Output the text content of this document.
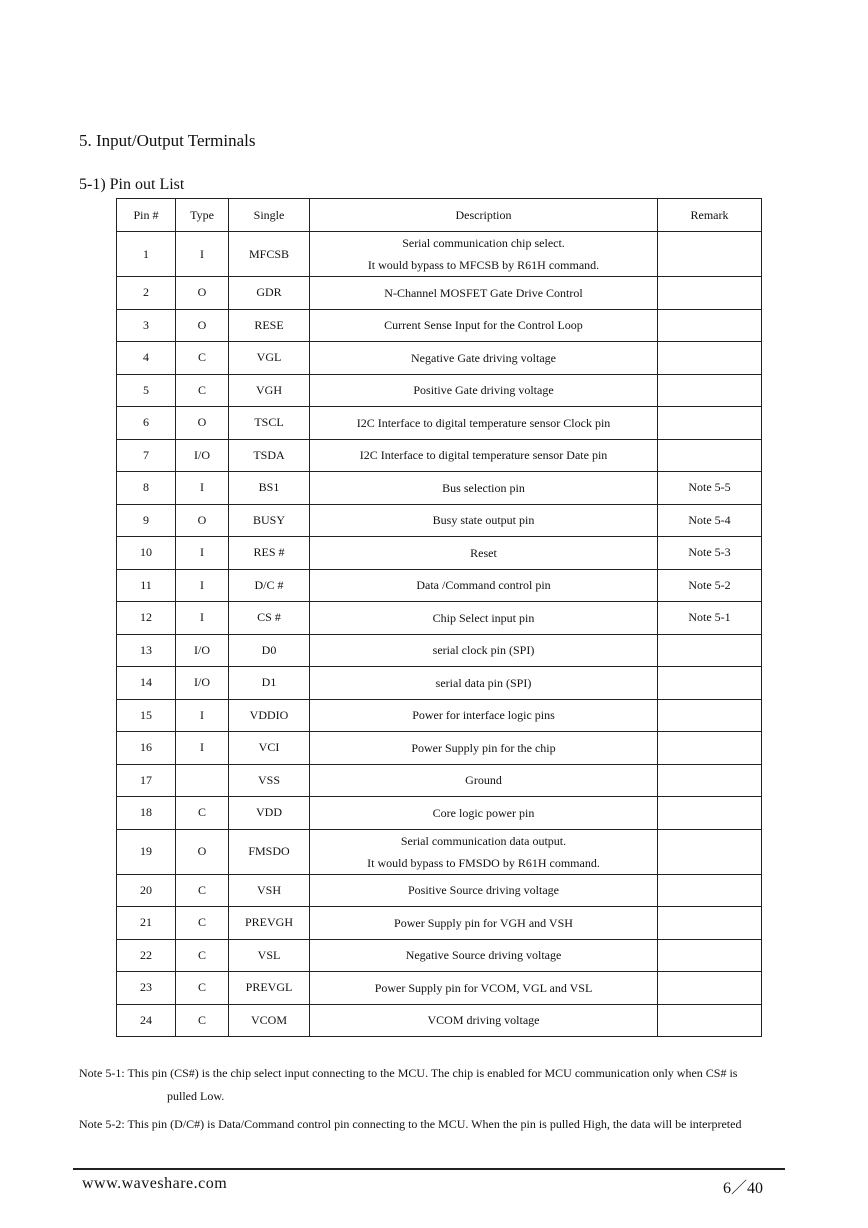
5. Input/Output Terminals
5-1) Pin out List
Pin #	Type	Single	Description	Remark
1	I	MFCSB	Serial communication chip select.
It would bypass to MFCSB by R61H command.	

2	O	GDR	N-Channel MOSFET Gate Drive Control	

3	O	RESE	Current Sense Input for the Control Loop	

4	C	VGL	Negative Gate driving voltage	

5	C	VGH	Positive Gate driving voltage	

6	O	TSCL	I2C Interface to digital temperature sensor Clock pin	

7	I/O	TSDA	I2C Interface to digital temperature sensor Date pin	

8	I	BS1	Bus selection pin	Note 5-5
9	O	BUSY	Busy state output pin	Note 5-4
10	I	RES #	Reset	Note 5-3
11	I	D/C #	Data /Command control pin	Note 5-2
12	I	CS #	Chip Select input pin	Note 5-1
13	I/O	D0	serial clock pin (SPI)	

14	I/O	D1	serial data pin (SPI)	

15	I	VDDIO	Power for interface logic pins	

16	I	VCI	Power Supply pin for the chip	

17		VSS	Ground	

18	C	VDD	Core logic power pin	

19	O	FMSDO	Serial communication data output.
It would bypass to FMSDO by R61H command.	

20	C	VSH	Positive Source driving voltage	

21	C	PREVGH	Power Supply pin for VGH and VSH	

22	C	VSL	Negative Source driving voltage	

23	C	PREVGL	Power Supply pin for VCOM, VGL and VSL	

24	C	VCOM	VCOM driving voltage	

Note 5-1: This pin (CS#) is the chip select input connecting to the MCU. The chip is enabled for MCU communication only when CS# is
pulled Low.
Note 5-2: This pin (D/C#) is Data/Command control pin connecting to the MCU. When the pin is pulled High, the data will be interpreted
www.waveshare.com	6／40
